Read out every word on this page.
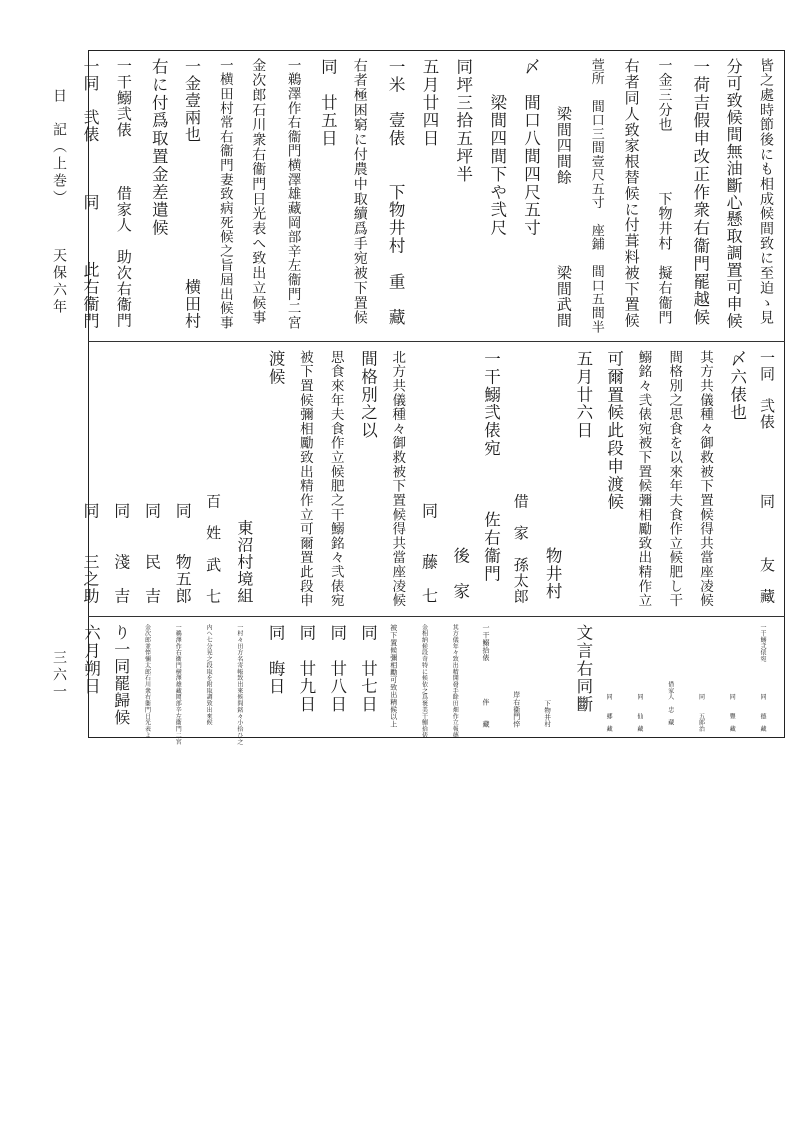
日　記（上巻）
天保六年
三六一
皆之處時節後にも相成候間致に至迫ゝ見
分可致候間無油斷心懸取調置可申候
一荷吉假申改正作衆右衞門罷越候
一金三分也　　　　下物井村　擬右衞門
右者同人致家根替候に付葺料被下置候
萱所　間口三間壹尺五寸　座鋪　間口五間半
　　　梁間四間餘　　　　　梁間武間
〆　間口八間四尺五寸
　　梁間四間下や弐尺
同坪三拾五坪半
五月廿四日
一米　壹俵　　下物井村　重　藏
右者極困窮に付農中取續爲手宛被下置候
同　廿五日
一鵜澤作右衞門横澤雄藏岡部辛左衞門二宮
金次郎石川衆右衞門日光表へ致出立候事
一横田村常右衞門妻致病死候之旨屆出候事
一金壹兩也　　　　　　　　横田村
右に付爲取置金差遣候
一干鰯弐俵　　　借家人　助次右衞門
一同　弐俵　　　同　　　此右衞門
一同　弐俵　　　　同　　　友　藏
〆六俵也
其方共儀種々御救被下置候得共當座凌候
間格別之思食を以來年夫食作立候肥し干
鰯銘々弐俵宛被下置候彌相勵致出精作立
可爾置候此段申渡候
五月廿六日
　　　　　　　　　　　物井村
　　　　　　　　　借　家　孫太郎
一干鰯弐俵宛　　　佐右衞門
　　　　　　　　　　　後　家
　　　　　　　　　同　　藤　七
北方共儀種々御救被下置候得共當座凌候
間格別之以
思食來年夫食作立候肥之干鰯銘々弐俵宛
被下置候彌相勵致出精作立可爾置此段申
渡候
　　　　　　　　　　東沼村境組
　　　　　　　　　百　姓　武　七
　　　　　　　　　同　　物五郎
　　　　　　　　　同　　民　吉
　　　　　　　　　同　　淺　吉
　　　　　　　　　同　　三之助
一干鰯弐俵宛　　　　　同　　德　藏
　　　　　　　　　　　同　　豐　藏
　　　　　　　　　　　同　　五郎治
　　　　　　　　　借家人　忠　藏
　　　　　　　　　　　同　　仙　藏
　　　　　　　　　　　同　　郷　藏
文言右同斷
　　　　　　　　　　　下物井村
　　　　　　　　　岸右衞門悴
一干鰯拾俵　　　　　伴　　藏
其方儀年々致出精開發手餘田畑作立報德
金相納候段奇特に候依之爲褒美干鰯拾俵
被下置候彌相勵可致出精候以上
同　廿七日
同　廿八日
同　廿九日
同　晦日
一村々田方名寄帳致出來候間銘々小拾ひ之
内へ七分晃之段取を附取調致出來候
一鵜澤作右衞門横澤雄藏岡部辛左衞門二宮
金次郎並悴彌太郎石川衆右衞門日光表よ
り一同罷歸候
六月朔日
